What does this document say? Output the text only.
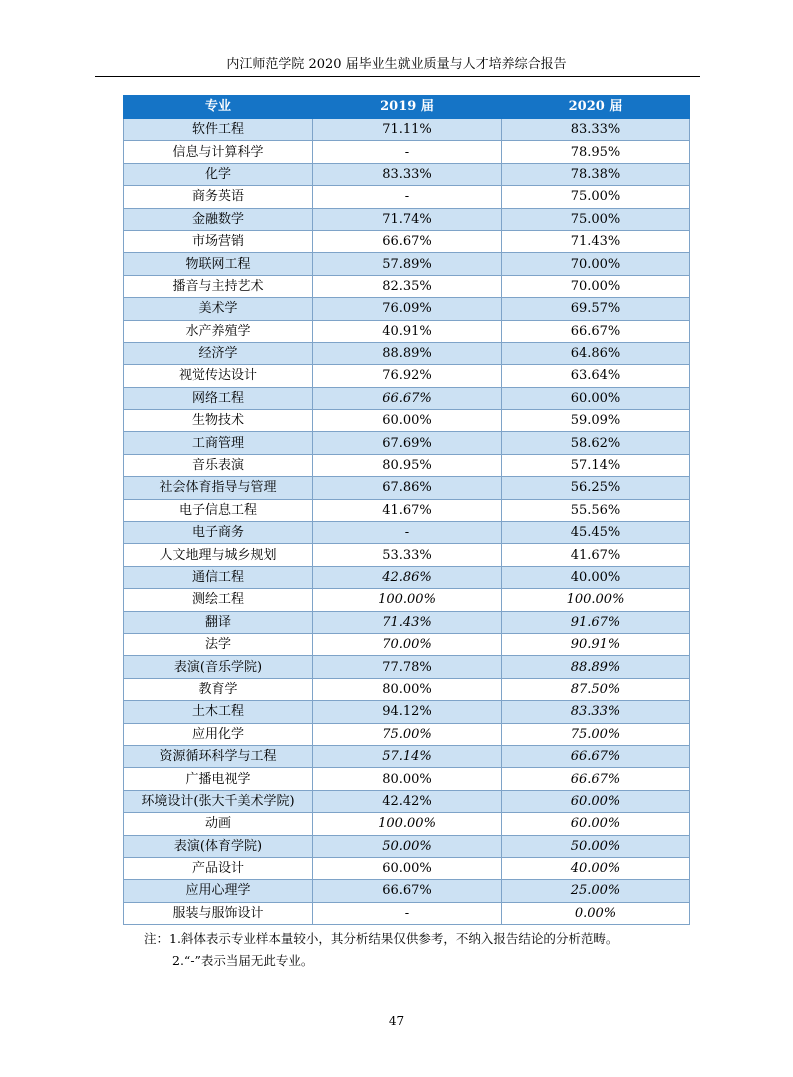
内江师范学院 2020 届毕业生就业质量与人才培养综合报告
专业	2019 届	2020 届
软件工程	71.11%	83.33%
信息与计算科学	-	78.95%
化学	83.33%	78.38%
商务英语	-	75.00%
金融数学	71.74%	75.00%
市场营销	66.67%	71.43%
物联网工程	57.89%	70.00%
播音与主持艺术	82.35%	70.00%
美术学	76.09%	69.57%
水产养殖学	40.91%	66.67%
经济学	88.89%	64.86%
视觉传达设计	76.92%	63.64%
网络工程	66.67%	60.00%
生物技术	60.00%	59.09%
工商管理	67.69%	58.62%
音乐表演	80.95%	57.14%
社会体育指导与管理	67.86%	56.25%
电子信息工程	41.67%	55.56%
电子商务	-	45.45%
人文地理与城乡规划	53.33%	41.67%
通信工程	42.86%	40.00%
测绘工程	100.00%	100.00%
翻译	71.43%	91.67%
法学	70.00%	90.91%
表演(音乐学院)	77.78%	88.89%
教育学	80.00%	87.50%
土木工程	94.12%	83.33%
应用化学	75.00%	75.00%
资源循环科学与工程	57.14%	66.67%
广播电视学	80.00%	66.67%
环境设计(张大千美术学院)	42.42%	60.00%
动画	100.00%	60.00%
表演(体育学院)	50.00%	50.00%
产品设计	60.00%	40.00%
应用心理学	66.67%	25.00%
服装与服饰设计	-	0.00%
注：1.斜体表示专业样本量较小，其分析结果仅供参考，不纳入报告结论的分析范畴。
2.“-”表示当届无此专业。
47
